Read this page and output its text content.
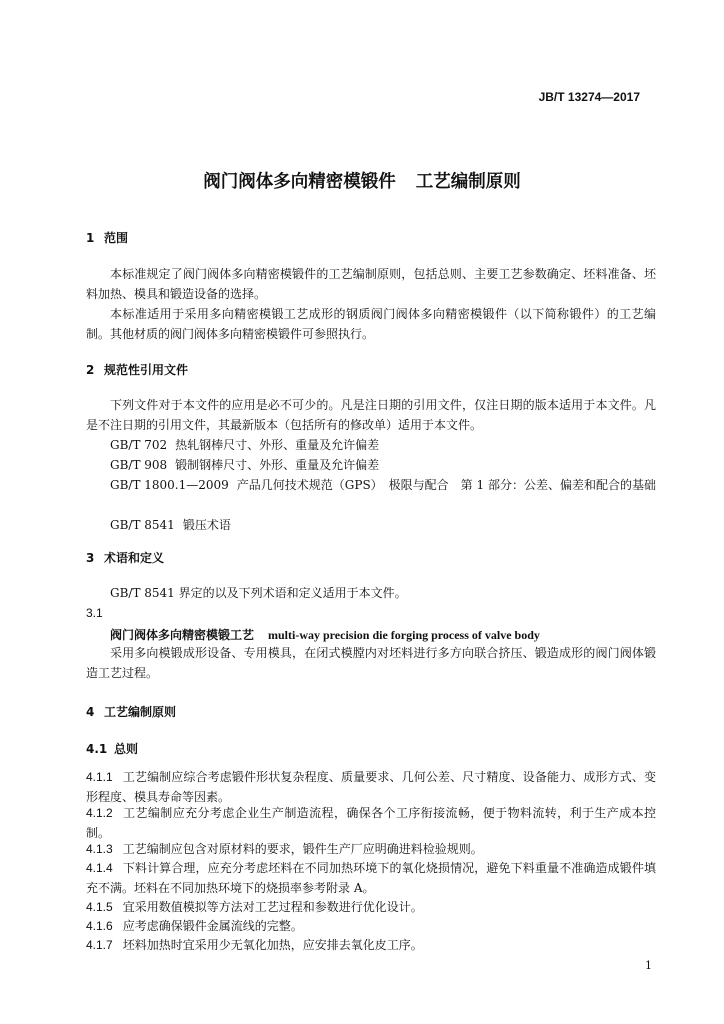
JB/T 13274—2017
阀门阀体多向精密模锻件 工艺编制原则
1 范围
本标准规定了阀门阀体多向精密模锻件的工艺编制原则，包括总则、主要工艺参数确定、坯料准备、坯料加热、模具和锻造设备的选择。
本标准适用于采用多向精密模锻工艺成形的钢质阀门阀体多向精密模锻件（以下简称锻件）的工艺编制。其他材质的阀门阀体多向精密模锻件可参照执行。
2 规范性引用文件
下列文件对于本文件的应用是必不可少的。凡是注日期的引用文件，仅注日期的版本适用于本文件。凡是不注日期的引用文件，其最新版本（包括所有的修改单）适用于本文件。
GB/T 702 热轧钢棒尺寸、外形、重量及允许偏差
GB/T 908 锻制钢棒尺寸、外形、重量及允许偏差
GB/T 1800.1—2009 产品几何技术规范（GPS）　极限与配合　第 1 部分：公差、偏差和配合的基础
GB/T 8541 锻压术语
3 术语和定义
GB/T 8541 界定的以及下列术语和定义适用于本文件。
3.1
阀门阀体多向精密模锻工艺 multi-way precision die forging process of valve body
采用多向模锻成形设备、专用模具，在闭式模膛内对坯料进行多方向联合挤压、锻造成形的阀门阀体锻造工艺过程。
4 工艺编制原则
4.1 总则
4.1.1 工艺编制应综合考虑锻件形状复杂程度、质量要求、几何公差、尺寸精度、设备能力、成形方式、变形程度、模具寿命等因素。
4.1.2 工艺编制应充分考虑企业生产制造流程，确保各个工序衔接流畅，便于物料流转，利于生产成本控制。
4.1.3 工艺编制应包含对原材料的要求，锻件生产厂应明确进料检验规则。
4.1.4 下料计算合理，应充分考虑坯料在不同加热环境下的氧化烧损情况，避免下料重量不准确造成锻件填充不满。坯料在不同加热环境下的烧损率参考附录 A。
4.1.5 宜采用数值模拟等方法对工艺过程和参数进行优化设计。
4.1.6 应考虑确保锻件金属流线的完整。
4.1.7 坯料加热时宜采用少无氧化加热，应安排去氧化皮工序。
1
